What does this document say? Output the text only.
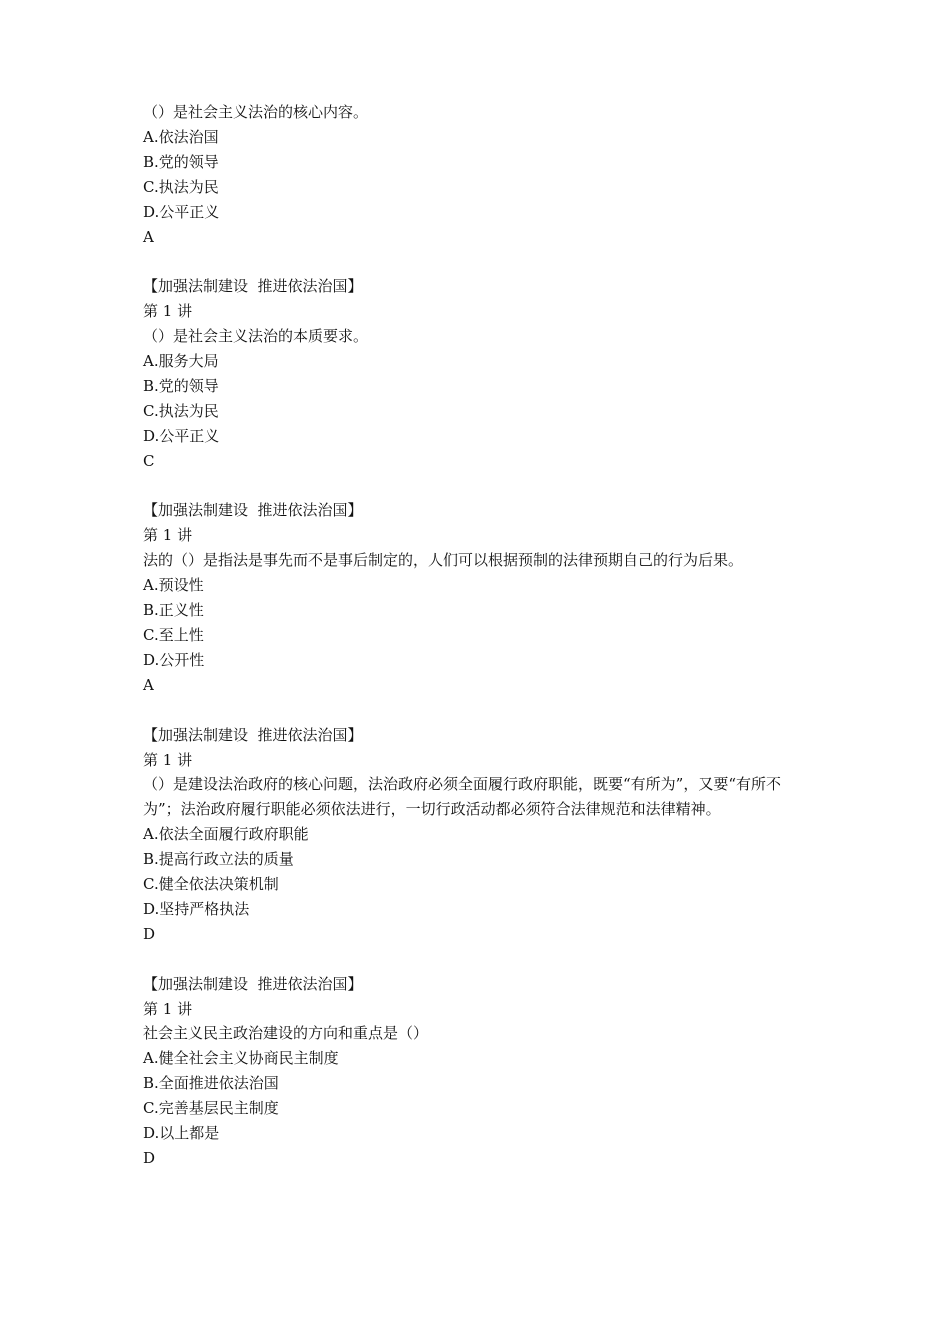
（）是社会主义法治的核心内容。

A.依法治国

B.党的领导

C.执法为民

D.公平正义

A

【加强法制建设  推进依法治国】

第 1 讲

（）是社会主义法治的本质要求。

A.服务大局

B.党的领导

C.执法为民

D.公平正义

C

【加强法制建设  推进依法治国】

第 1 讲

法的（）是指法是事先而不是事后制定的，人们可以根据预制的法律预期自己的行为后果。

A.预设性

B.正义性

C.至上性

D.公开性

A

【加强法制建设  推进依法治国】

第 1 讲

（）是建设法治政府的核心问题，法治政府必须全面履行政府职能，既要“有所为”，又要“有所不为”；法治政府履行职能必须依法进行，一切行政活动都必须符合法律规范和法律精神。

A.依法全面履行政府职能

B.提高行政立法的质量

C.健全依法决策机制

D.坚持严格执法

D

【加强法制建设  推进依法治国】

第 1 讲

社会主义民主政治建设的方向和重点是（）

A.健全社会主义协商民主制度

B.全面推进依法治国

C.完善基层民主制度

D.以上都是

D
